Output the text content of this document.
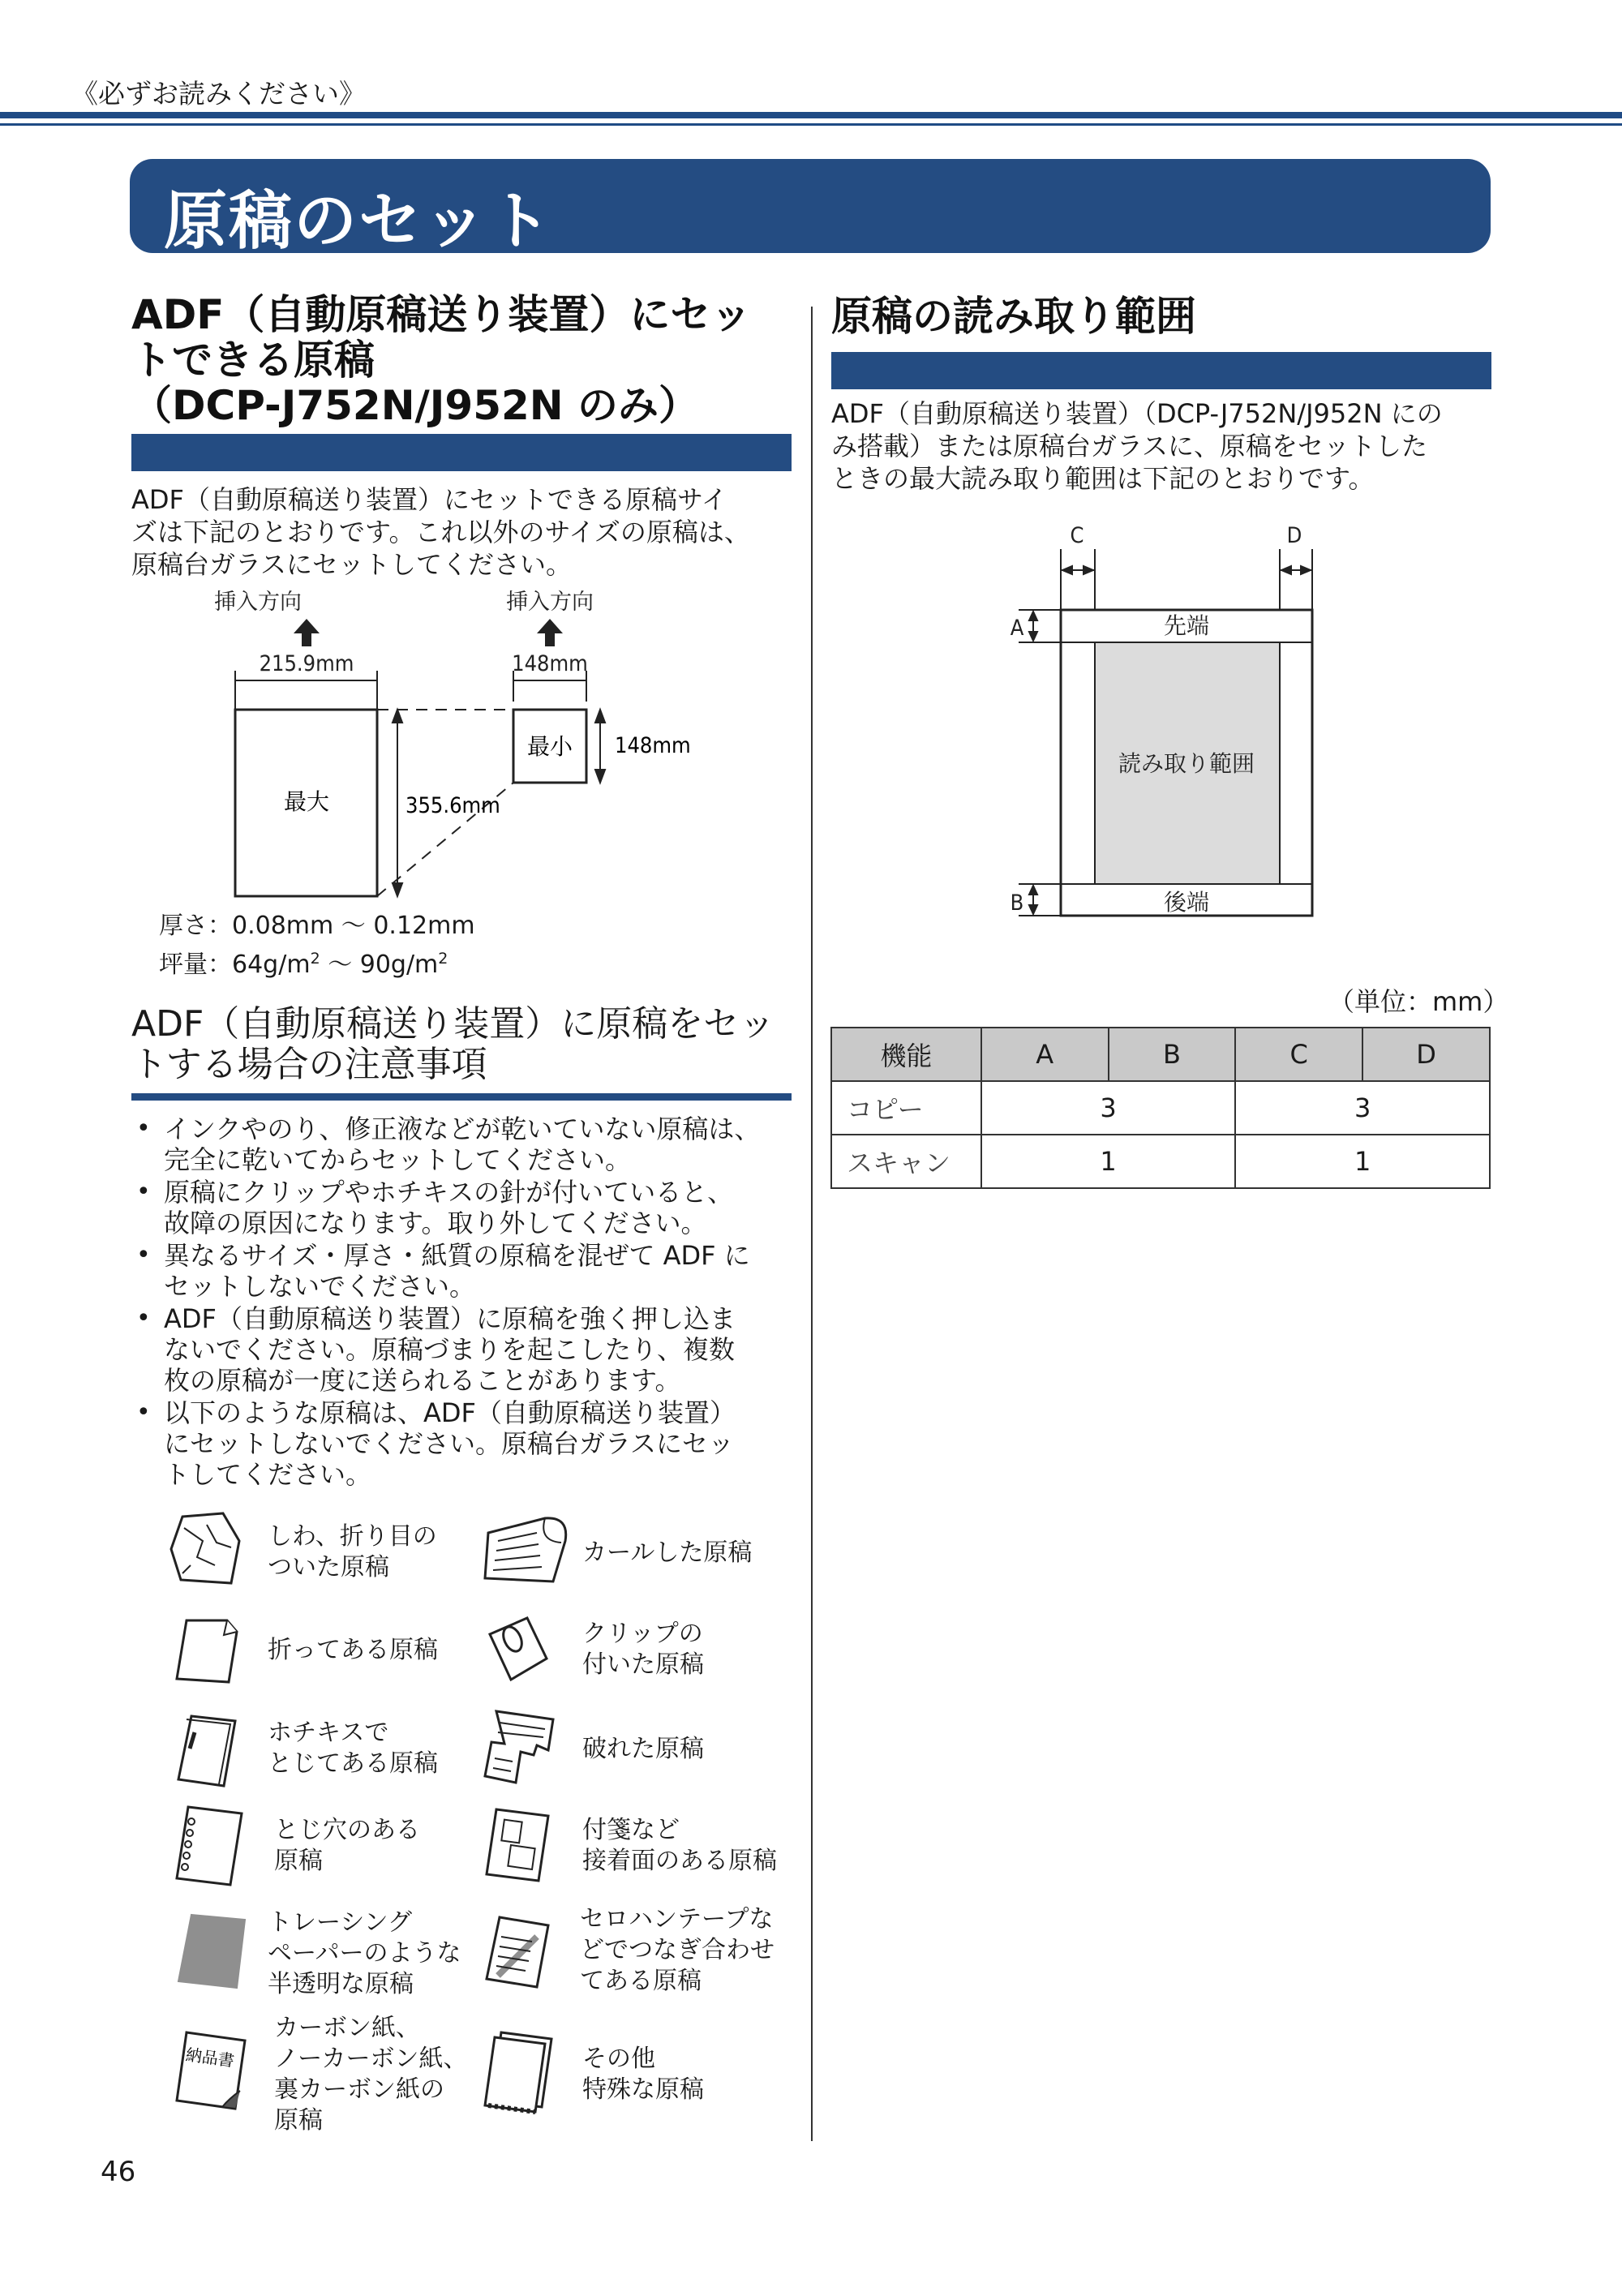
《必ずお読みください》
原稿のセット
ADF（自動原稿送り装置）にセッ
トできる原稿
（DCP-J752N/J952N のみ）
ADF（自動原稿送り装置）にセットできる原稿サイ
ズは下記のとおりです。これ以外のサイズの原稿は、
原稿台ガラスにセットしてください。
挿入方向	挿入方向
215.9mm	148mm
最大
最小
355.6mm
148mm
厚さ：0.08mm ～ 0.12mm
坪量：$64g/m^2$ ～ $90g/m^2$
ADF（自動原稿送り装置）に原稿をセッ
トする場合の注意事項
• インクやのり、修正液などが乾いていない原稿は、
完全に乾いてからセットしてください。
• 原稿にクリップやホチキスの針が付いていると、
故障の原因になります。取り外してください。
• 異なるサイズ・厚さ・紙質の原稿を混ぜて ADF に
セットしないでください。
• ADF（自動原稿送り装置）に原稿を強く押し込ま
ないでください。原稿づまりを起こしたり、複数
枚の原稿が一度に送られることがあります。
• 以下のような原稿は、ADF（自動原稿送り装置）
にセットしないでください。原稿台ガラスにセッ
トしてください。
しわ、折り目の
ついた原稿
カールした原稿
折ってある原稿
クリップの
付いた原稿
ホチキスで
とじてある原稿
破れた原稿
とじ穴のある
原稿
付箋など
接着面のある原稿
トレーシング
ペーパーのような
半透明な原稿
セロハンテープな
どでつなぎ合わせ
てある原稿
納品書
カーボン紙、
ノーカーボン紙、
裏カーボン紙の
原稿
その他
特殊な原稿
原稿の読み取り範囲
ADF（自動原稿送り装置）（DCP-J752N/J952N にの
み搭載）または原稿台ガラスに、原稿をセットした
ときの最大読み取り範囲は下記のとおりです。
C	D
A
B
先端
読み取り範囲
後端
（単位：mm）
機能	A	B	C	D
コピー	3		3	
スキャン	1		1	
46
